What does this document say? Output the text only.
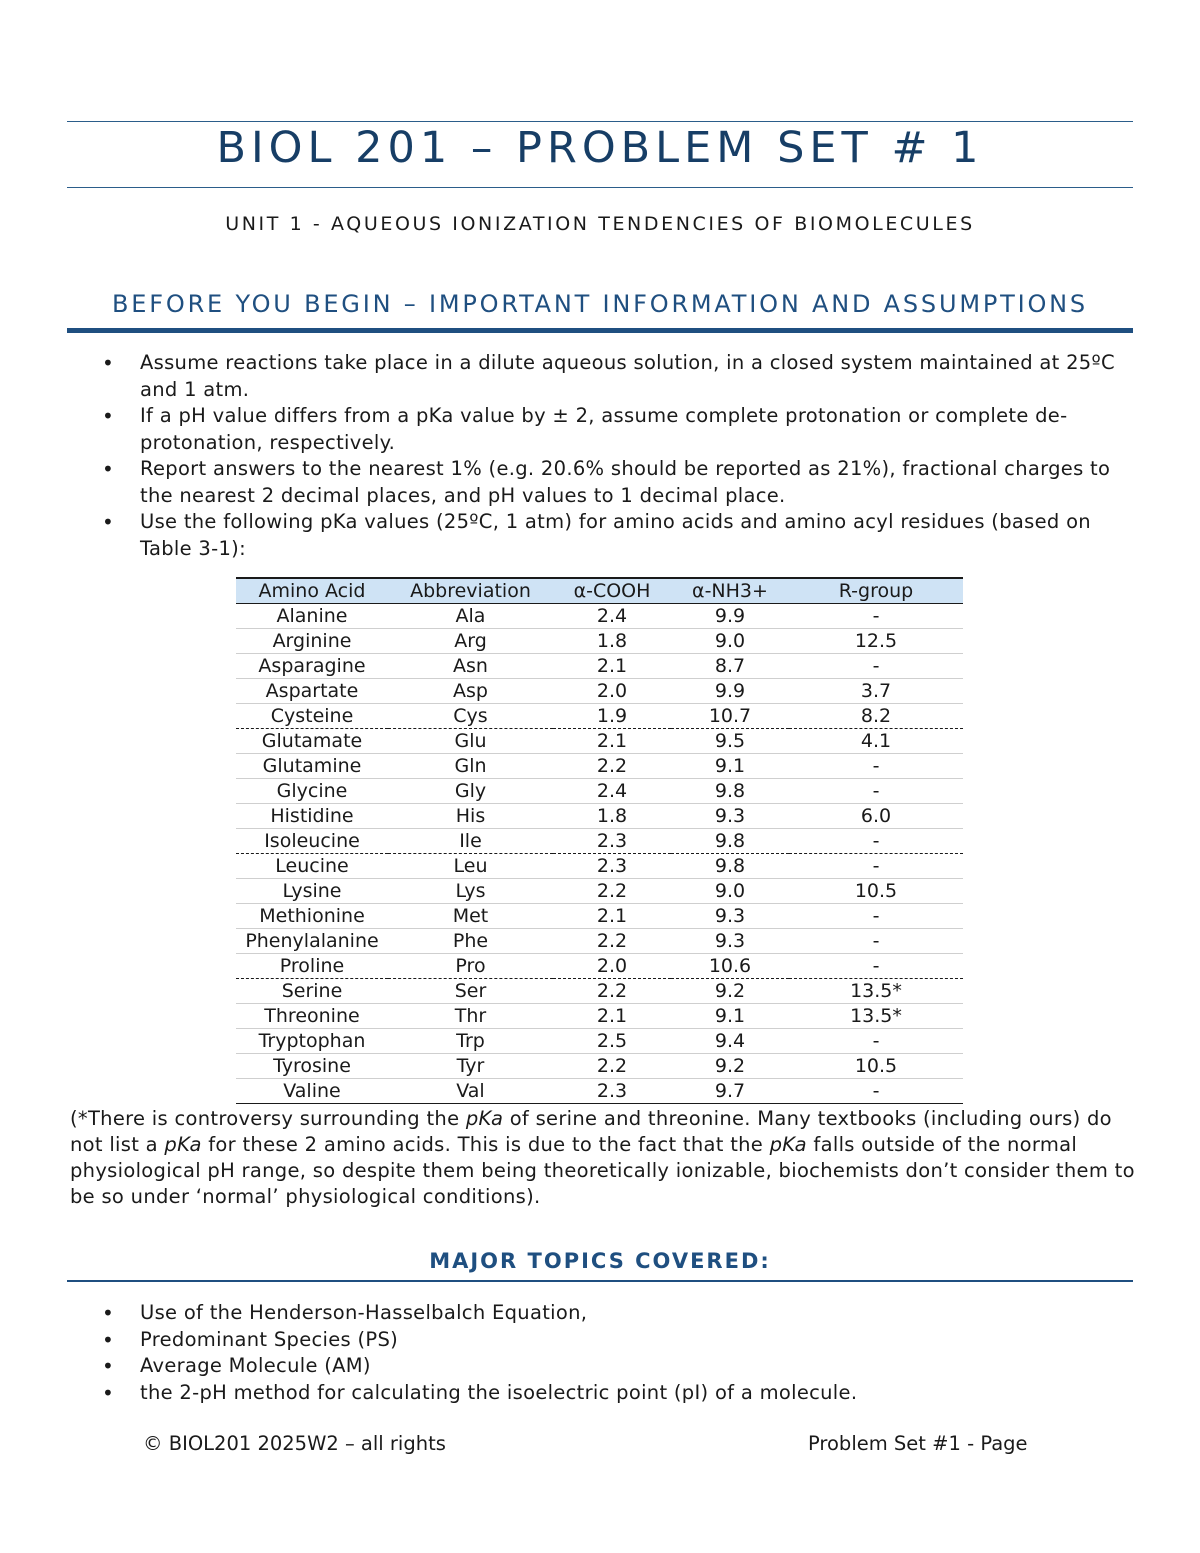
BIOL 201 – PROBLEM SET # 1
UNIT 1 - AQUEOUS IONIZATION TENDENCIES OF BIOMOLECULES
BEFORE YOU BEGIN – IMPORTANT INFORMATION AND ASSUMPTIONS
• Assume reactions take place in a dilute aqueous solution, in a closed system maintained at 25ºC and 1 atm.
• If a pH value differs from a pKa value by ± 2, assume complete protonation or complete de-protonation, respectively.
• Report answers to the nearest 1% (e.g. 20.6% should be reported as 21%), fractional charges to the nearest 2 decimal places, and pH values to 1 decimal place.
• Use the following pKa values (25ºC, 1 atm) for amino acids and amino acyl residues (based on Table 3-1):
Amino Acid	Abbreviation	α-COOH	α-NH3+	R-group
Alanine	Ala	2.4	9.9	-
Arginine	Arg	1.8	9.0	12.5
Asparagine	Asn	2.1	8.7	-
Aspartate	Asp	2.0	9.9	3.7
Cysteine	Cys	1.9	10.7	8.2
Glutamate	Glu	2.1	9.5	4.1
Glutamine	Gln	2.2	9.1	-
Glycine	Gly	2.4	9.8	-
Histidine	His	1.8	9.3	6.0
Isoleucine	Ile	2.3	9.8	-
Leucine	Leu	2.3	9.8	-
Lysine	Lys	2.2	9.0	10.5
Methionine	Met	2.1	9.3	-
Phenylalanine	Phe	2.2	9.3	-
Proline	Pro	2.0	10.6	-
Serine	Ser	2.2	9.2	13.5*
Threonine	Thr	2.1	9.1	13.5*
Tryptophan	Trp	2.5	9.4	-
Tyrosine	Tyr	2.2	9.2	10.5
Valine	Val	2.3	9.7	-
(*There is controversy surrounding the pKa of serine and threonine. Many textbooks (including ours) do not list a pKa for these 2 amino acids. This is due to the fact that the pKa falls outside of the normal physiological pH range, so despite them being theoretically ionizable, biochemists don’t consider them to be so under ‘normal’ physiological conditions).
MAJOR TOPICS COVERED:
• Use of the Henderson-Hasselbalch Equation,
• Predominant Species (PS)
• Average Molecule (AM)
• the 2-pH method for calculating the isoelectric point (pI) of a molecule.
© BIOL201 2025W2 – all rights	Problem Set #1 - Page
